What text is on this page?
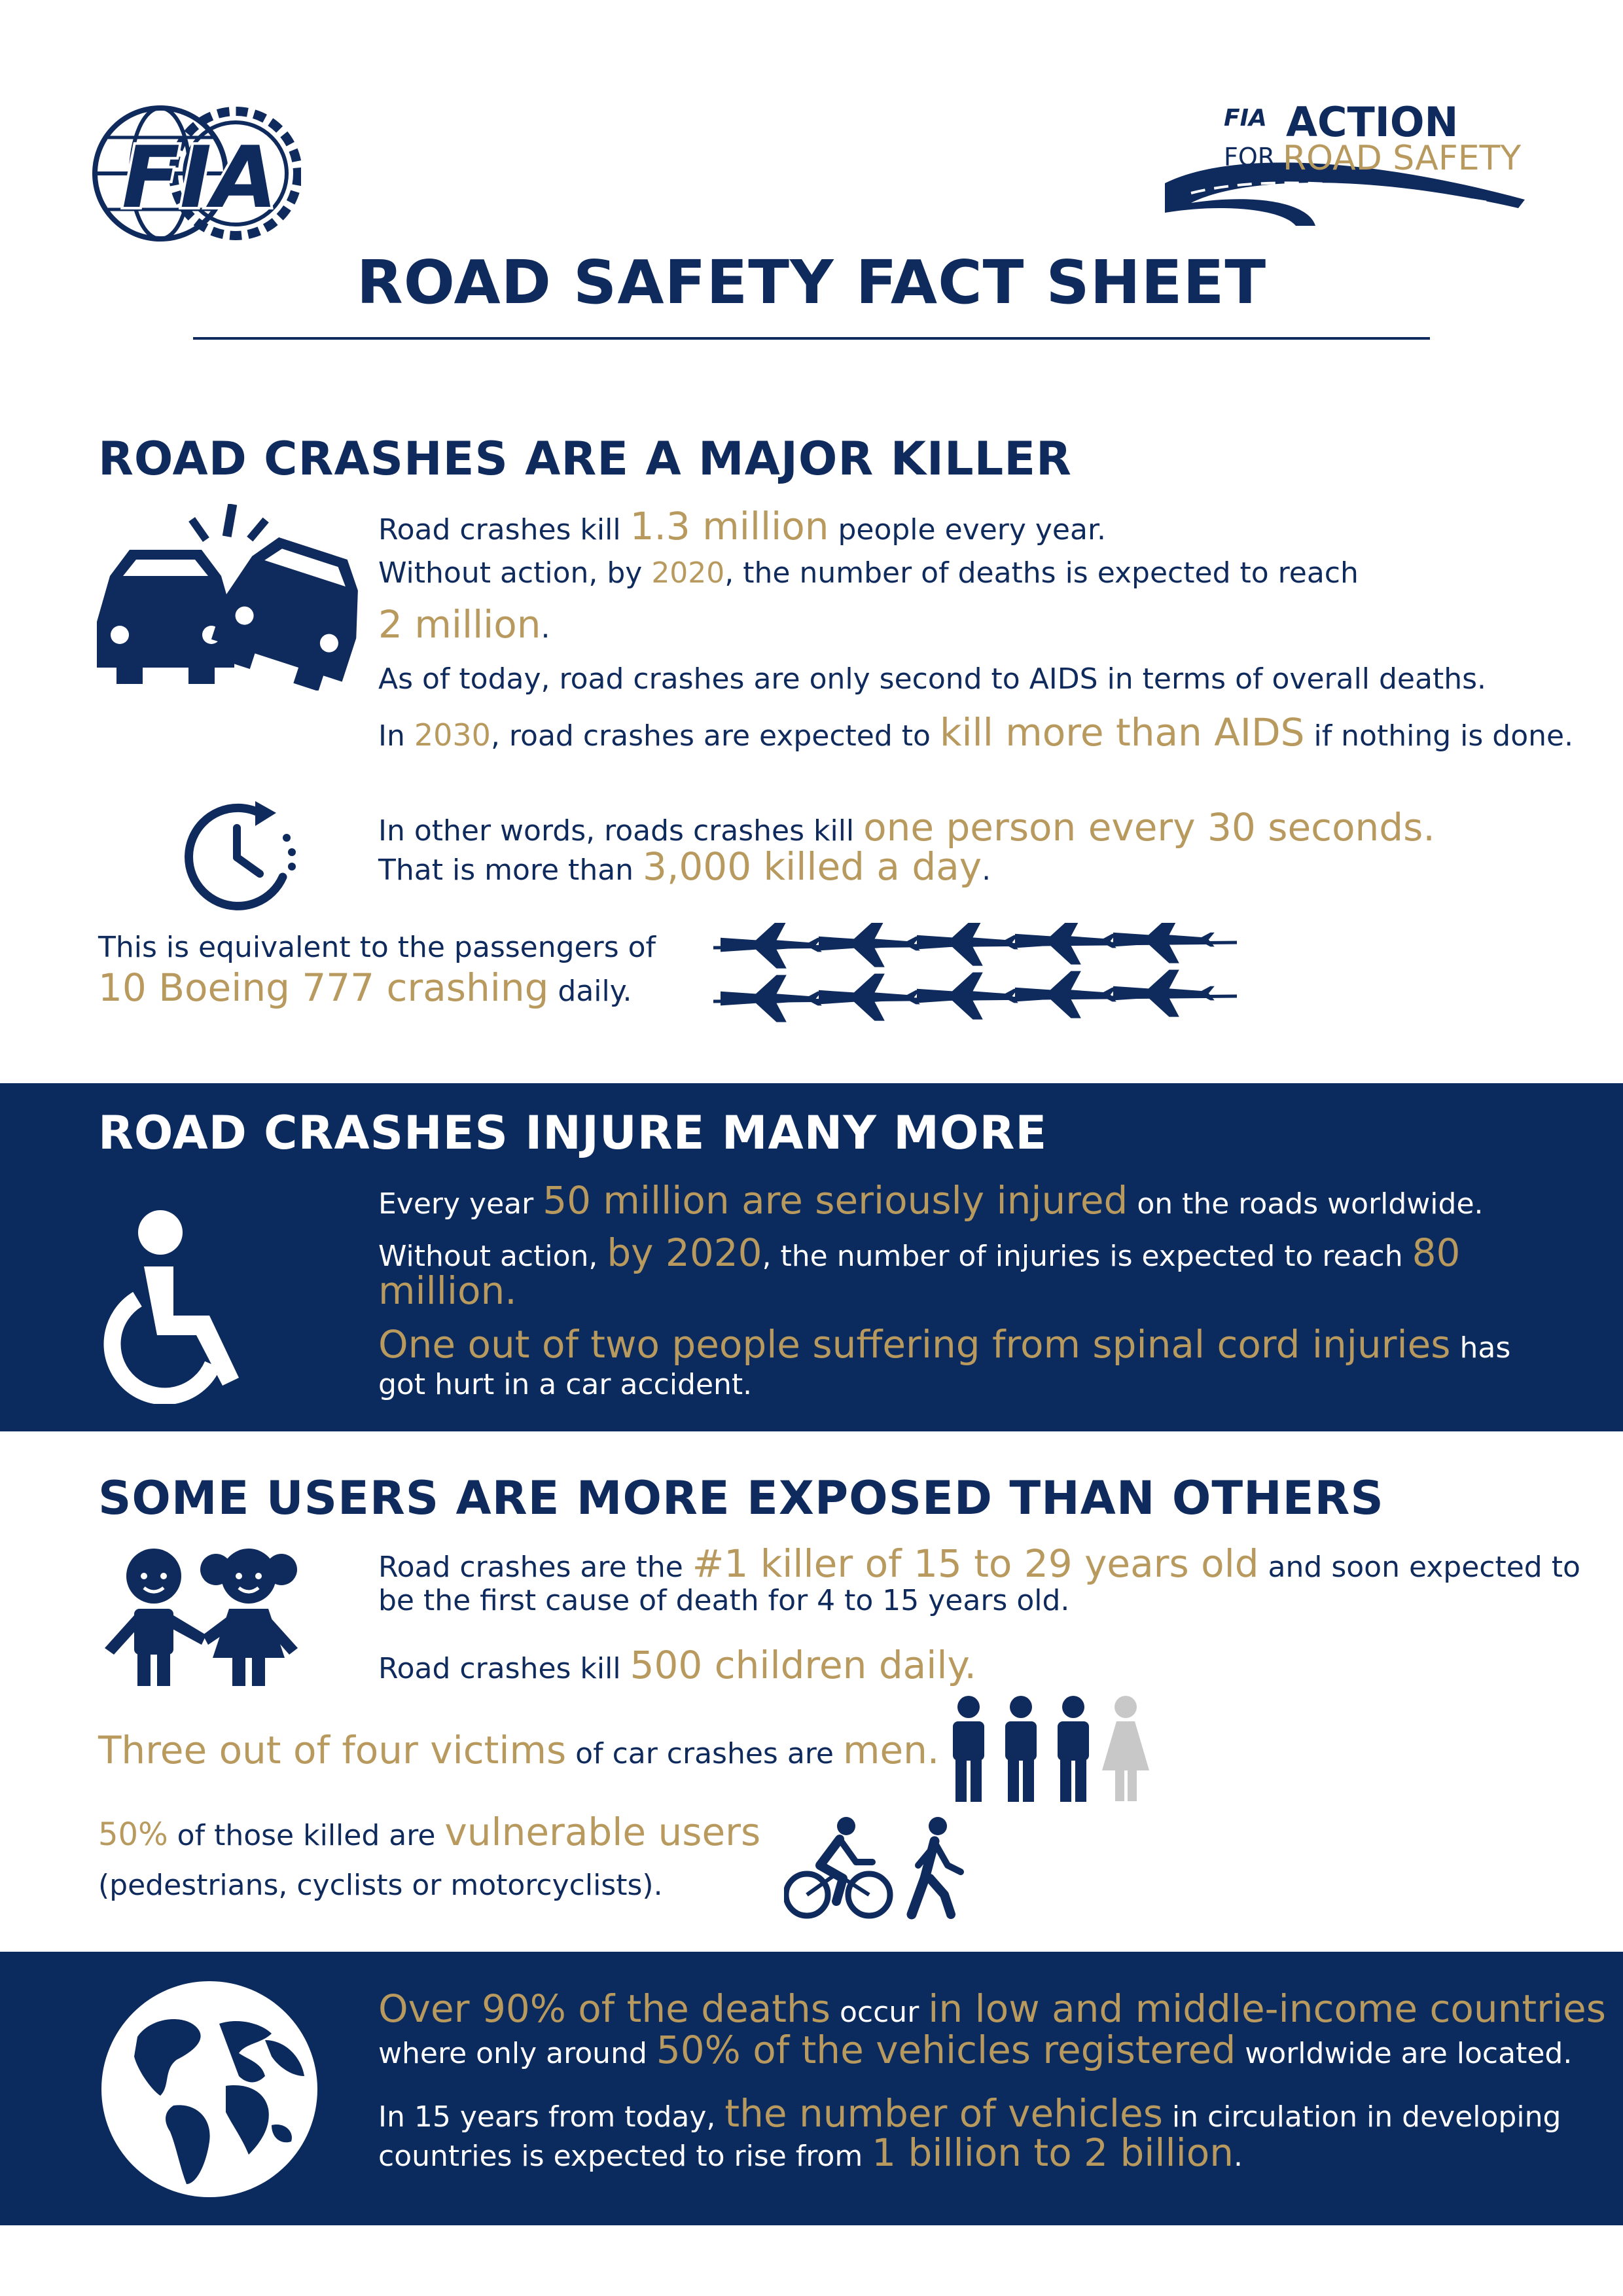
FIA
FIA ACTION
FOR ROAD SAFETY
ROAD SAFETY FACT SHEET
ROAD CRASHES ARE A MAJOR KILLER
Road crashes kill 1.3 million people every year.
Without action, by 2020, the number of deaths is expected to reach
2 million.
As of today, road crashes are only second to AIDS in terms of overall deaths.
In 2030, road crashes are expected to kill more than AIDS if nothing is done.
In other words, roads crashes kill one person every 30 seconds.
That is more than 3,000 killed a day.
This is equivalent to the passengers of
10 Boeing 777 crashing daily.
ROAD CRASHES INJURE MANY MORE
Every year 50 million are seriously injured on the roads worldwide.
Without action, by 2020, the number of injuries is expected to reach 80
million.
One out of two people suffering from spinal cord injuries has
got hurt in a car accident.
SOME USERS ARE MORE EXPOSED THAN OTHERS
Road crashes are the #1 killer of 15 to 29 years old and soon expected to
be the first cause of death for 4 to 15 years old.
Road crashes kill 500 children daily.
Three out of four victims of car crashes are men.
50% of those killed are vulnerable users
(pedestrians, cyclists or motorcyclists).
Over 90% of the deaths occur in low and middle-income countries
where only around 50% of the vehicles registered worldwide are located.
In 15 years from today, the number of vehicles in circulation in developing
countries is expected to rise from 1 billion to 2 billion.
